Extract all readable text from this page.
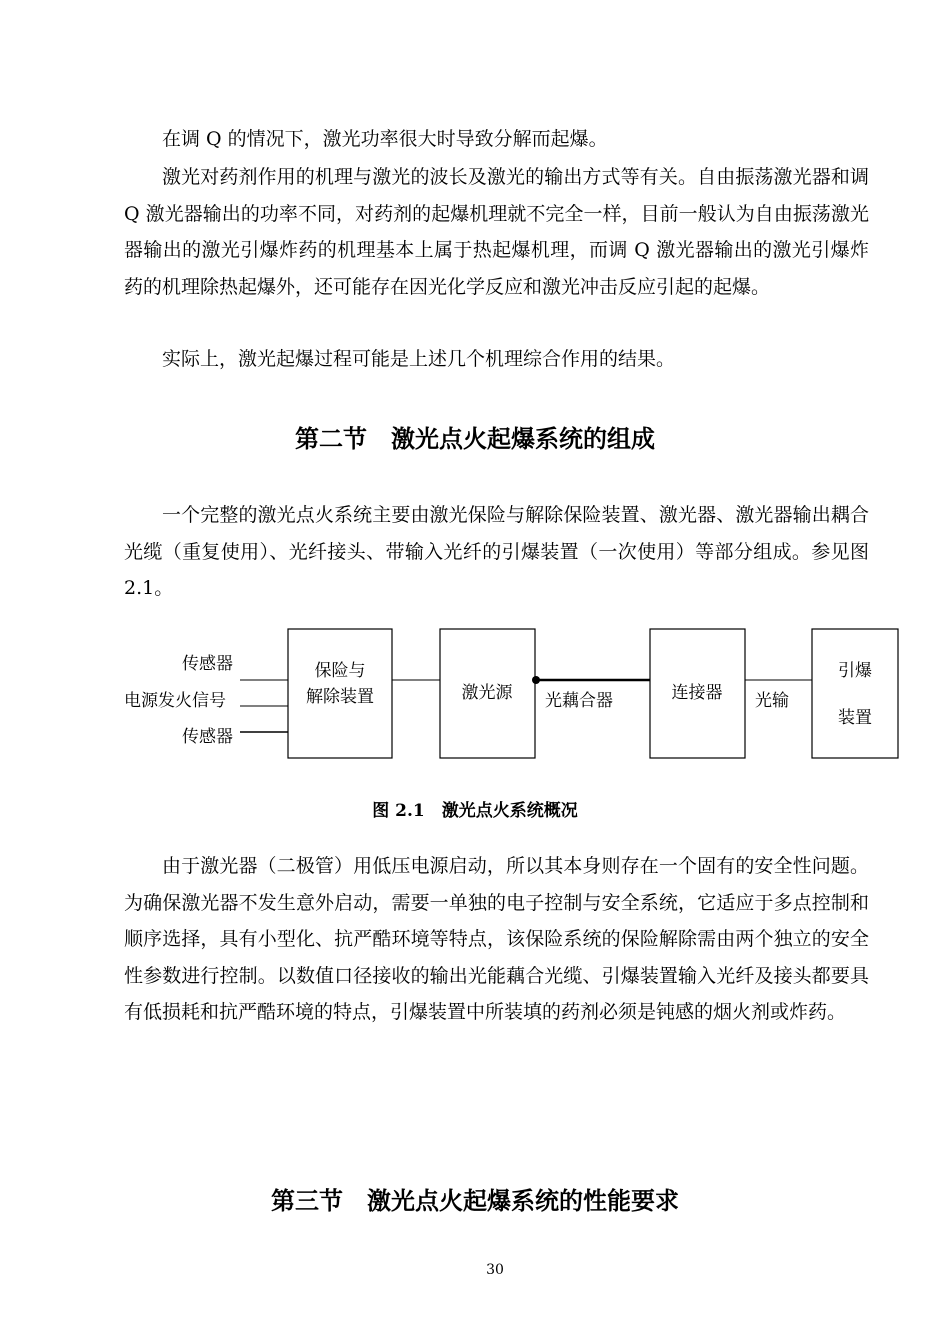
在调 Q 的情况下，激光功率很大时导致分解而起爆。

激光对药剂作用的机理与激光的波长及激光的输出方式等有关。自由振荡激光器和调 Q 激光器输出的功率不同，对药剂的起爆机理就不完全一样，目前一般认为自由振荡激光器输出的激光引爆炸药的机理基本上属于热起爆机理，而调 Q 激光器输出的激光引爆炸药的机理除热起爆外，还可能存在因光化学反应和激光冲击反应引起的起爆。

实际上，激光起爆过程可能是上述几个机理综合作用的结果。

第二节　激光点火起爆系统的组成

一个完整的激光点火系统主要由激光保险与解除保险装置、激光器、激光器输出耦合光缆（重复使用）、光纤接头、带输入光纤的引爆装置（一次使用）等部分组成。参见图 2.1。

传感器
电源发火信号
传感器
保险与
解除装置	激光源 光藕合器	连接器 光输
引爆
装置
图 2.1　激光点火系统概况

由于激光器（二极管）用低压电源启动，所以其本身则存在一个固有的安全性问题。为确保激光器不发生意外启动，需要一单独的电子控制与安全系统，它适应于多点控制和顺序选择，具有小型化、抗严酷环境等特点，该保险系统的保险解除需由两个独立的安全性参数进行控制。以数值口径接收的输出光能藕合光缆、引爆装置输入光纤及接头都要具有低损耗和抗严酷环境的特点，引爆装置中所装填的药剂必须是钝感的烟火剂或炸药。

第三节　激光点火起爆系统的性能要求
30
